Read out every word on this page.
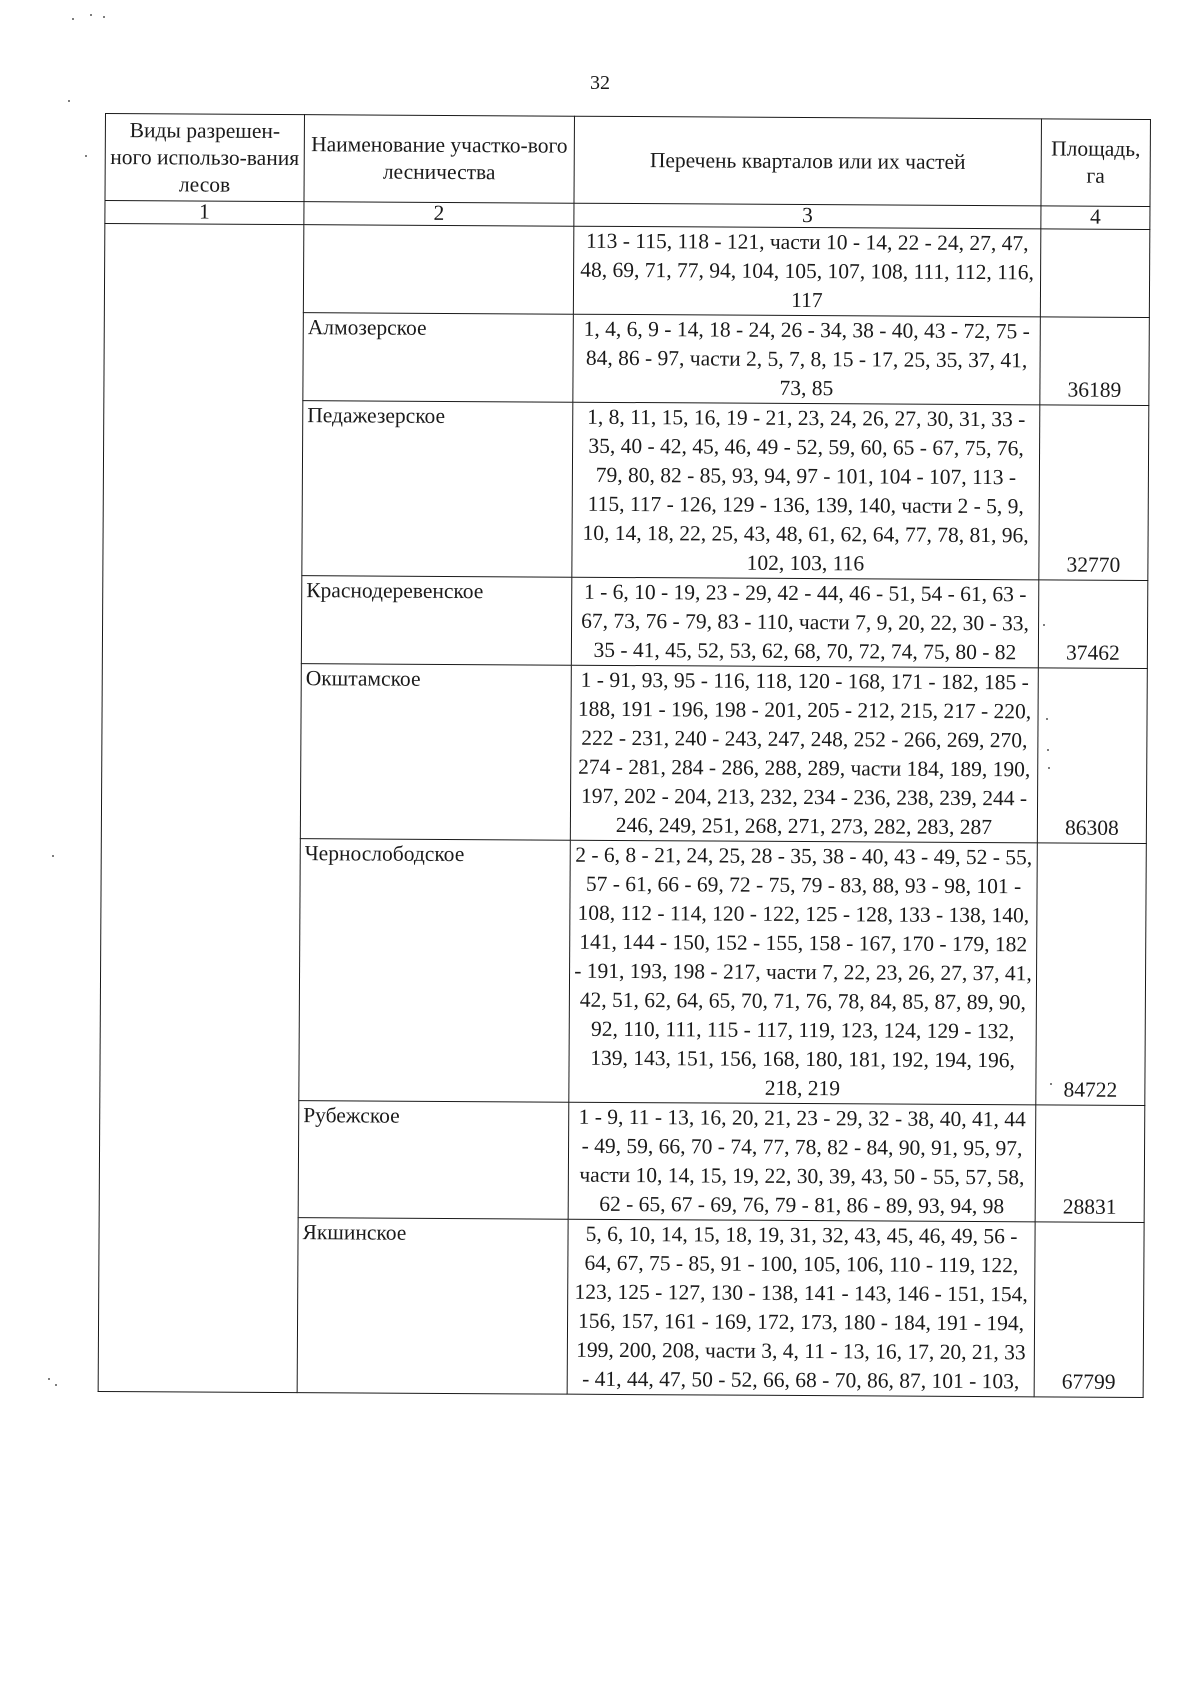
32
Виды разрешен-ного использо-вания лесов	Наименование участко-вого лесничества	Перечень кварталов или их частей	Площадь, га
1	2	3	4
		113 - 115, 118 - 121, части 10 - 14, 22 - 24, 27, 47, 48, 69, 71, 77, 94, 104, 105, 107, 108, 111, 112, 116, 117	
	Алмозерское	1, 4, 6, 9 - 14, 18 - 24, 26 - 34, 38 - 40, 43 - 72, 75 - 84, 86 - 97, части 2, 5, 7, 8, 15 - 17, 25, 35, 37, 41, 73, 85	36189
	Педажезерское	1, 8, 11, 15, 16, 19 - 21, 23, 24, 26, 27, 30, 31, 33 - 35, 40 - 42, 45, 46, 49 - 52, 59, 60, 65 - 67, 75, 76, 79, 80, 82 - 85, 93, 94, 97 - 101, 104 - 107, 113 - 115, 117 - 126, 129 - 136, 139, 140, части 2 - 5, 9, 10, 14, 18, 22, 25, 43, 48, 61, 62, 64, 77, 78, 81, 96, 102, 103, 116	32770
	Краснодеревенское	1 - 6, 10 - 19, 23 - 29, 42 - 44, 46 - 51, 54 - 61, 63 - 67, 73, 76 - 79, 83 - 110, части 7, 9, 20, 22, 30 - 33, 35 - 41, 45, 52, 53, 62, 68, 70, 72, 74, 75, 80 - 82	37462
	Окштамское	1 - 91, 93, 95 - 116, 118, 120 - 168, 171 - 182, 185 - 188, 191 - 196, 198 - 201, 205 - 212, 215, 217 - 220, 222 - 231, 240 - 243, 247, 248, 252 - 266, 269, 270, 274 - 281, 284 - 286, 288, 289, части 184, 189, 190, 197, 202 - 204, 213, 232, 234 - 236, 238, 239, 244 - 246, 249, 251, 268, 271, 273, 282, 283, 287	86308
	Чернослободское	2 - 6, 8 - 21, 24, 25, 28 - 35, 38 - 40, 43 - 49, 52 - 55, 57 - 61, 66 - 69, 72 - 75, 79 - 83, 88, 93 - 98, 101 - 108, 112 - 114, 120 - 122, 125 - 128, 133 - 138, 140, 141, 144 - 150, 152 - 155, 158 - 167, 170 - 179, 182 - 191, 193, 198 - 217, части 7, 22, 23, 26, 27, 37, 41, 42, 51, 62, 64, 65, 70, 71, 76, 78, 84, 85, 87, 89, 90, 92, 110, 111, 115 - 117, 119, 123, 124, 129 - 132, 139, 143, 151, 156, 168, 180, 181, 192, 194, 196, 218, 219	84722
	Рубежское	1 - 9, 11 - 13, 16, 20, 21, 23 - 29, 32 - 38, 40, 41, 44 - 49, 59, 66, 70 - 74, 77, 78, 82 - 84, 90, 91, 95, 97, части 10, 14, 15, 19, 22, 30, 39, 43, 50 - 55, 57, 58, 62 - 65, 67 - 69, 76, 79 - 81, 86 - 89, 93, 94, 98	28831
	Якшинское	5, 6, 10, 14, 15, 18, 19, 31, 32, 43, 45, 46, 49, 56 - 64, 67, 75 - 85, 91 - 100, 105, 106, 110 - 119, 122, 123, 125 - 127, 130 - 138, 141 - 143, 146 - 151, 154, 156, 157, 161 - 169, 172, 173, 180 - 184, 191 - 194, 199, 200, 208, части 3, 4, 11 - 13, 16, 17, 20, 21, 33 - 41, 44, 47, 50 - 52, 66, 68 - 70, 86, 87, 101 - 103,	67799
